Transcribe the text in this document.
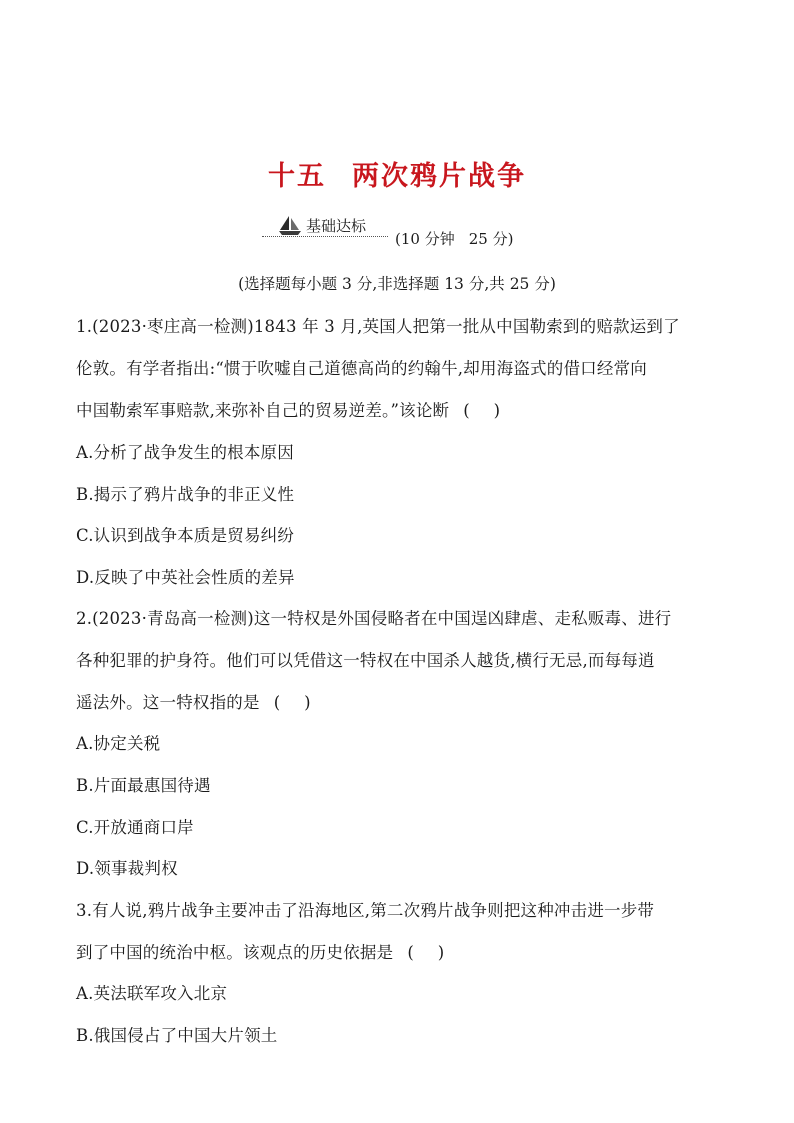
十五 两次鸦片战争
基础达标
(10 分钟 25 分)
(选择题每小题 3 分,非选择题 13 分,共 25 分)
1.(2023·枣庄高一检测)1843 年 3 月,英国人把第一批从中国勒索到的赔款运到了
伦敦。有学者指出:“惯于吹嘘自己道德高尚的约翰牛,却用海盗式的借口经常向
中国勒索军事赔款,来弥补自己的贸易逆差。”该论断 ( )
A.分析了战争发生的根本原因
B.揭示了鸦片战争的非正义性
C.认识到战争本质是贸易纠纷
D.反映了中英社会性质的差异
2.(2023·青岛高一检测)这一特权是外国侵略者在中国逞凶肆虐、走私贩毒、进行
各种犯罪的护身符。他们可以凭借这一特权在中国杀人越货,横行无忌,而每每逍
遥法外。这一特权指的是 ( )
A.协定关税
B.片面最惠国待遇
C.开放通商口岸
D.领事裁判权
3.有人说,鸦片战争主要冲击了沿海地区,第二次鸦片战争则把这种冲击进一步带
到了中国的统治中枢。该观点的历史依据是 ( )
A.英法联军攻入北京
B.俄国侵占了中国大片领土
